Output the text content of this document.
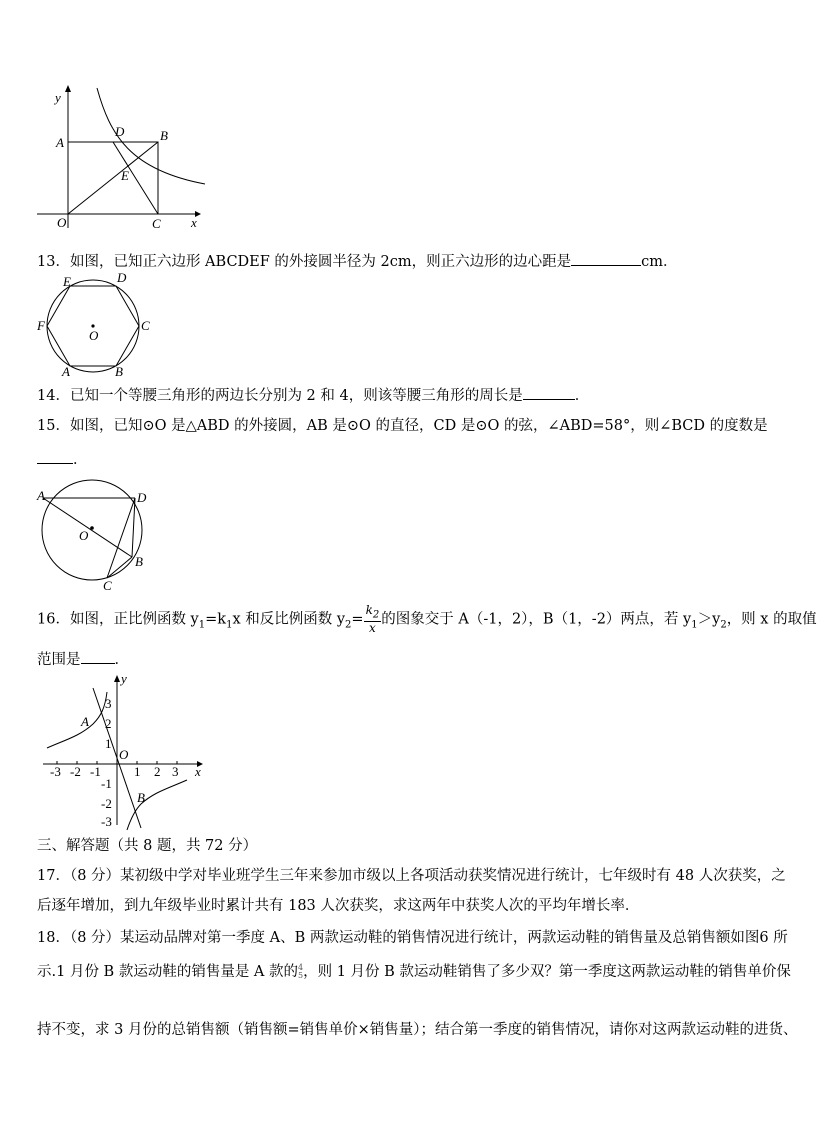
y
x
A
D	B
E
O	C
13．如图，已知正六边形 ABCDEF 的外接圆半径为 2cm，则正六边形的边心距是	cm．
E	D
F	C
O
A	B
14．已知一个等腰三角形的两边长分别为 2 和 4，则该等腰三角形的周长是	．
15．如图，已知⊙O 是△ABD 的外接圆，AB 是⊙O 的直径，CD 是⊙O 的弦，∠ABD=58°，则∠BCD 的度数是
．
A	D
O
B
C
16．如图，正比例函数 $y_1=k_1x$ 和反比例函数 $y_2= \frac{k_2}{x}$ 的图象交于 A（-1，2），B（1，-2）两点，若 $y_1>y_2$，则 x 的取值
范围是 ．
y
x
A
B
O
-3 -2 -1	1 2 3
3
2
1
-1
-2
-3
三、解答题（共 8 题，共 72 分）
17．（8 分）某初级中学对毕业班学生三年来参加市级以上各项活动获奖情况进行统计，七年级时有 48 人次获奖，之
后逐年增加，到九年级毕业时累计共有 183 人次获奖，求这两年中获奖人次的平均年增长率．
18．（8 分）某运动品牌对第一季度 A、B 两款运动鞋的销售情况进行统计，两款运动鞋的销售量及总销售额如图6 所
示.1 月份 B 款运动鞋的销售量是 A 款的 4
5 ，则 1 月份 B 款运动鞋销售了多少双？第一季度这两款运动鞋的销售单价保
持不变，求 3 月份的总销售额（销售额=销售单价×销售量）；结合第一季度的销售情况，请你对这两款运动鞋的进货、
